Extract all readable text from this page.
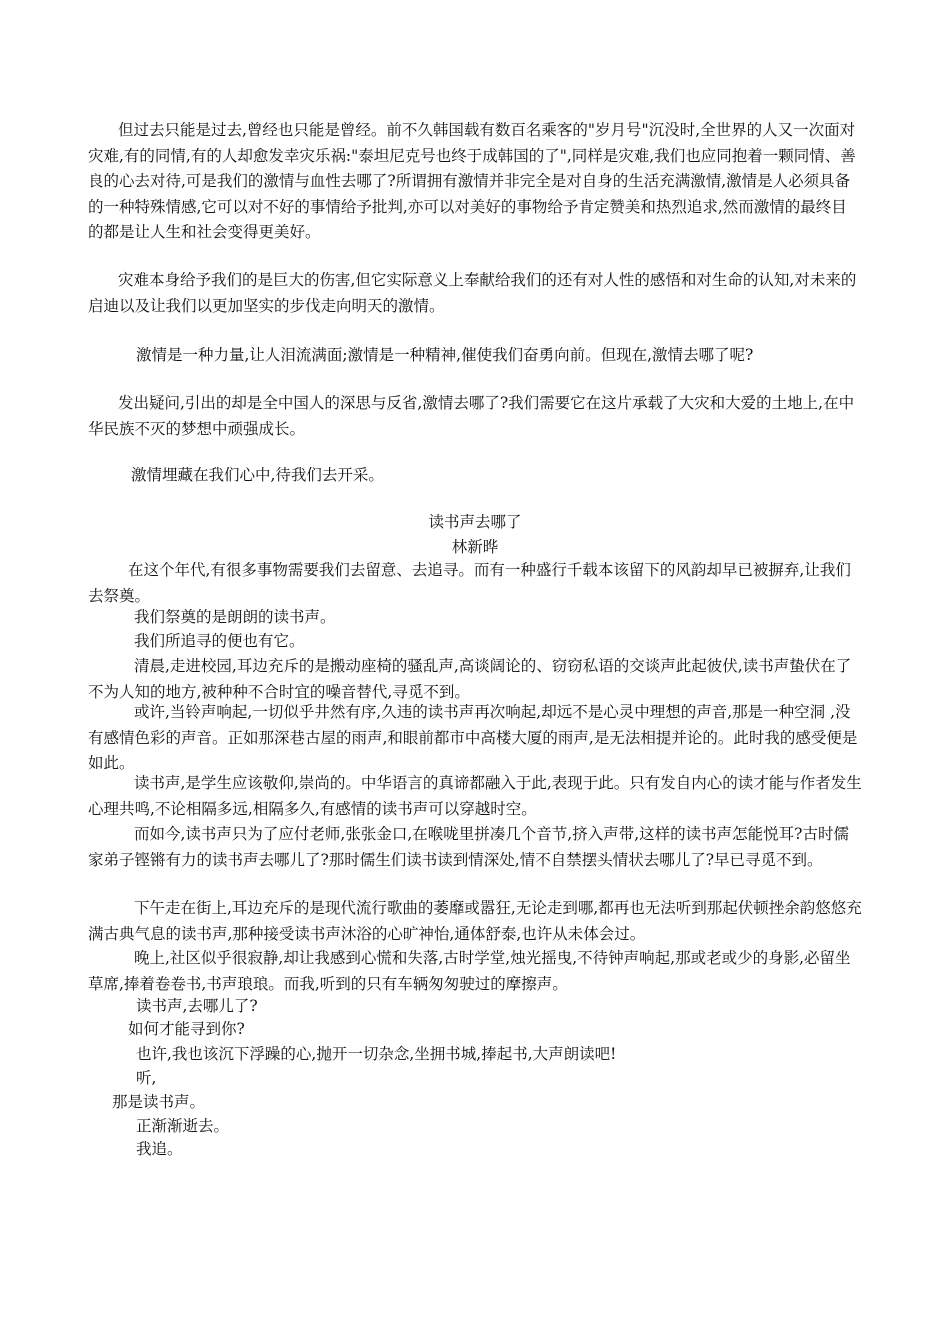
但过去只能是过去,曾经也只能是曾经。前不久韩国载有数百名乘客的"岁月号"沉没时,全世界的人又一次面对灾难,有的同情,有的人却愈发幸灾乐祸:"泰坦尼克号也终于成韩国的了",同样是灾难,我们也应同抱着一颗同情、善良的心去对待,可是我们的激情与血性去哪了?所谓拥有激情并非完全是对自身的生活充满激情,激情是人必须具备的一种特殊情感,它可以对不好的事情给予批判,亦可以对美好的事物给予肯定赞美和热烈追求,然而激情的最终目的都是让人生和社会变得更美好。

灾难本身给予我们的是巨大的伤害,但它实际意义上奉献给我们的还有对人性的感悟和对生命的认知,对未来的启迪以及让我们以更加坚实的步伐走向明天的激情。

激情是一种力量,让人泪流满面;激情是一种精神,催使我们奋勇向前。但现在,激情去哪了呢?

发出疑问,引出的却是全中国人的深思与反省,激情去哪了?我们需要它在这片承载了大灾和大爱的土地上,在中华民族不灭的梦想中顽强成长。

激情埋藏在我们心中,待我们去开采。

读书声去哪了

林新晔

在这个年代,有很多事物需要我们去留意、去追寻。而有一种盛行千载本该留下的风韵却早已被摒弃,让我们去祭奠。

我们祭奠的是朗朗的读书声。

我们所追寻的便也有它。

清晨,走进校园,耳边充斥的是搬动座椅的骚乱声,高谈阔论的、窃窃私语的交谈声此起彼伏,读书声蛰伏在了不为人知的地方,被种种不合时宜的噪音替代,寻觅不到。

或许,当铃声响起,一切似乎井然有序,久违的读书声再次响起,却远不是心灵中理想的声音,那是一种空洞 ,没有感情色彩的声音。正如那深巷古屋的雨声,和眼前都市中高楼大厦的雨声,是无法相提并论的。此时我的感受便是如此。

读书声,是学生应该敬仰,崇尚的。中华语言的真谛都融入于此,表现于此。只有发自内心的读才能与作者发生心理共鸣,不论相隔多远,相隔多久,有感情的读书声可以穿越时空。

而如今,读书声只为了应付老师,张张金口,在喉咙里拼凑几个音节,挤入声带,这样的读书声怎能悦耳?古时儒家弟子铿锵有力的读书声去哪儿了?那时儒生们读书读到情深处,情不自禁摆头情状去哪儿了?早已寻觅不到。

下午走在街上,耳边充斥的是现代流行歌曲的萎靡或嚣狂,无论走到哪,都再也无法听到那起伏顿挫余韵悠悠充满古典气息的读书声,那种接受读书声沐浴的心旷神怡,通体舒泰,也许从未体会过。

晚上,社区似乎很寂静,却让我感到心慌和失落,古时学堂,烛光摇曳,不待钟声响起,那或老或少的身影,必留坐草席,捧着卷卷书,书声琅琅。而我,听到的只有车辆匆匆驶过的摩擦声。

读书声,去哪儿了?

如何才能寻到你?

也许,我也该沉下浮躁的心,抛开一切杂念,坐拥书城,捧起书,大声朗读吧!

听,

那是读书声。

正渐渐逝去。

我追。
